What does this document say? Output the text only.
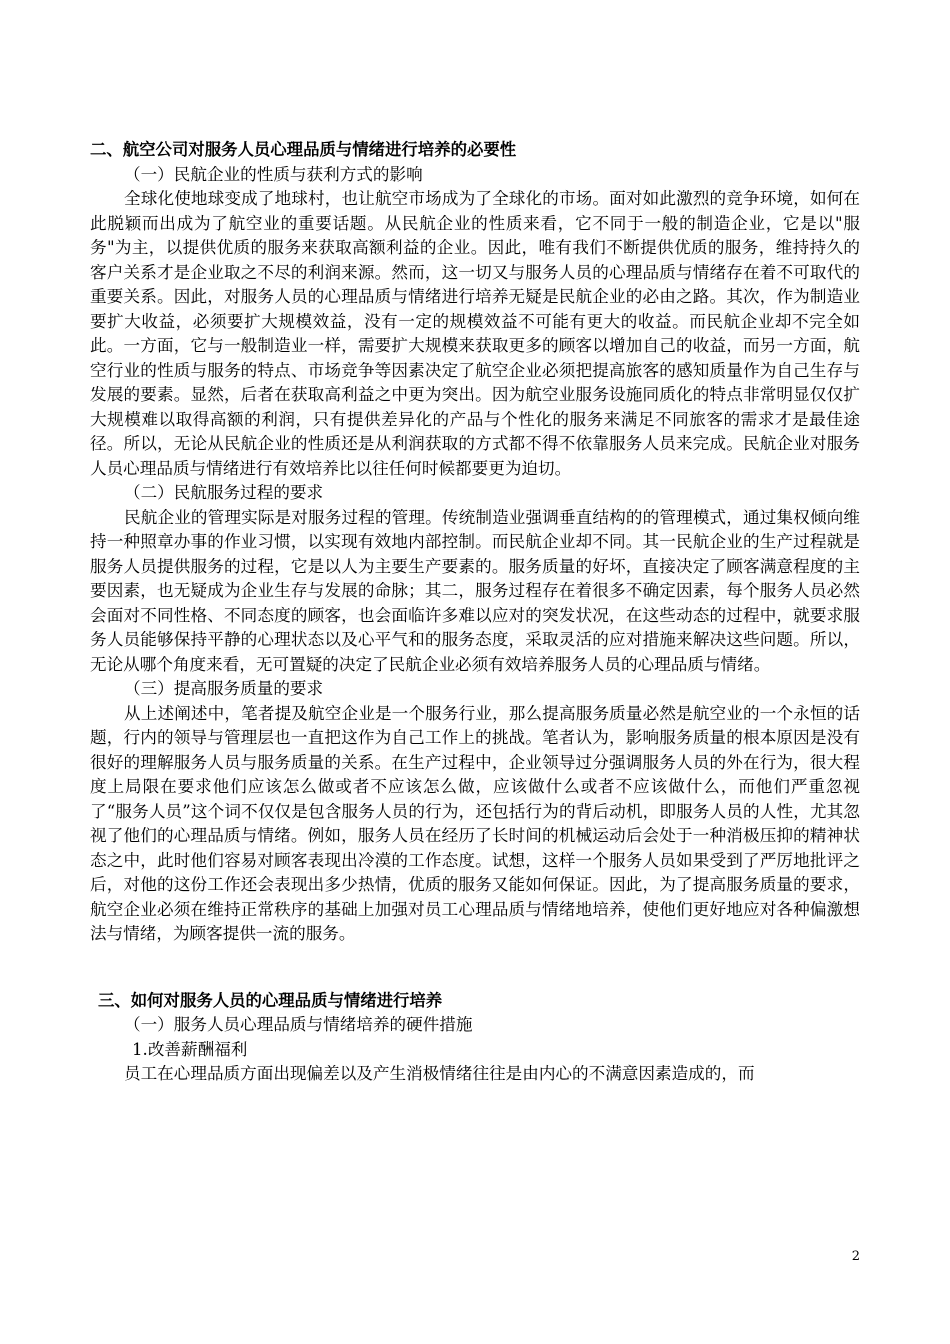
二、航空公司对服务人员心理品质与情绪进行培养的必要性

（一）民航企业的性质与获利方式的影响

全球化使地球变成了地球村，也让航空市场成为了全球化的市场。面对如此激烈的竞争环境，如何在此脱颖而出成为了航空业的重要话题。从民航企业的性质来看，它不同于一般的制造企业，它是以"服务"为主，以提供优质的服务来获取高额利益的企业。因此，唯有我们不断提供优质的服务，维持持久的客户关系才是企业取之不尽的利润来源。然而，这一切又与服务人员的心理品质与情绪存在着不可取代的重要关系。因此，对服务人员的心理品质与情绪进行培养无疑是民航企业的必由之路。其次，作为制造业要扩大收益，必须要扩大规模效益，没有一定的规模效益不可能有更大的收益。而民航企业却不完全如此。一方面，它与一般制造业一样，需要扩大规模来获取更多的顾客以增加自己的收益，而另一方面，航空行业的性质与服务的特点、市场竞争等因素决定了航空企业必须把提高旅客的感知质量作为自己生存与发展的要素。显然，后者在获取高利益之中更为突出。因为航空业服务设施同质化的特点非常明显仅仅扩大规模难以取得高额的利润，只有提供差异化的产品与个性化的服务来满足不同旅客的需求才是最佳途径。所以，无论从民航企业的性质还是从利润获取的方式都不得不依靠服务人员来完成。民航企业对服务人员心理品质与情绪进行有效培养比以往任何时候都要更为迫切。

（二）民航服务过程的要求

民航企业的管理实际是对服务过程的管理。传统制造业强调垂直结构的的管理模式，通过集权倾向维持一种照章办事的作业习惯，以实现有效地内部控制。而民航企业却不同。其一民航企业的生产过程就是服务人员提供服务的过程，它是以人为主要生产要素的。服务质量的好坏，直接决定了顾客满意程度的主要因素，也无疑成为企业生存与发展的命脉；其二，服务过程存在着很多不确定因素，每个服务人员必然会面对不同性格、不同态度的顾客，也会面临许多难以应对的突发状况，在这些动态的过程中，就要求服务人员能够保持平静的心理状态以及心平气和的服务态度，采取灵活的应对措施来解决这些问题。所以，无论从哪个角度来看，无可置疑的决定了民航企业必须有效培养服务人员的心理品质与情绪。

（三）提高服务质量的要求

从上述阐述中，笔者提及航空企业是一个服务行业，那么提高服务质量必然是航空业的一个永恒的话题，行内的领导与管理层也一直把这作为自己工作上的挑战。笔者认为，影响服务质量的根本原因是没有很好的理解服务人员与服务质量的关系。在生产过程中，企业领导过分强调服务人员的外在行为，很大程度上局限在要求他们应该怎么做或者不应该怎么做，应该做什么或者不应该做什么，而他们严重忽视了“服务人员”这个词不仅仅是包含服务人员的行为，还包括行为的背后动机，即服务人员的人性，尤其忽视了他们的心理品质与情绪。例如，服务人员在经历了长时间的机械运动后会处于一种消极压抑的精神状态之中，此时他们容易对顾客表现出冷漠的工作态度。试想，这样一个服务人员如果受到了严厉地批评之后，对他的这份工作还会表现出多少热情，优质的服务又能如何保证。因此，为了提高服务质量的要求，航空企业必须在维持正常秩序的基础上加强对员工心理品质与情绪地培养，使他们更好地应对各种偏激想法与情绪，为顾客提供一流的服务。

三、如何对服务人员的心理品质与情绪进行培养

（一）服务人员心理品质与情绪培养的硬件措施

1.改善薪酬福利

员工在心理品质方面出现偏差以及产生消极情绪往往是由内心的不满意因素造成的，而

2
